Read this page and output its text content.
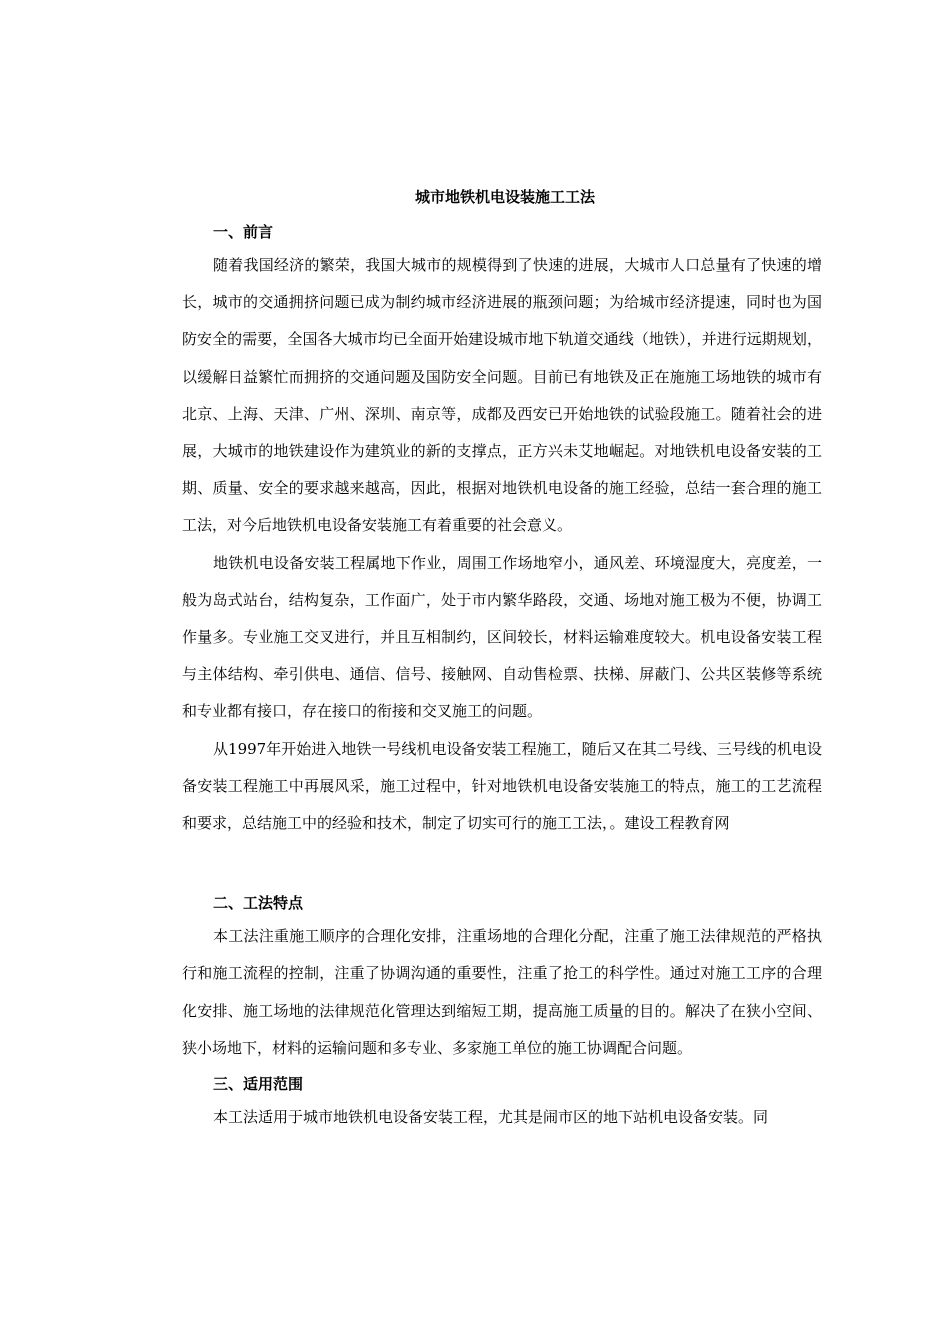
城市地铁机电设装施工工法
一、前言

随着我国经济的繁荣，我国大城市的规模得到了快速的进展，大城市人口总量有了快速的增长，城市的交通拥挤问题已成为制约城市经济进展的瓶颈问题；为给城市经济提速，同时也为国防安全的需要，全国各大城市均已全面开始建设城市地下轨道交通线（地铁），并进行远期规划，以缓解日益繁忙而拥挤的交通问题及国防安全问题。目前已有地铁及正在施施工场地铁的城市有北京、上海、天津、广州、深圳、南京等，成都及西安已开始地铁的试验段施工。随着社会的进展，大城市的地铁建设作为建筑业的新的支撑点，正方兴未艾地崛起。对地铁机电设备安装的工期、质量、安全的要求越来越高，因此，根据对地铁机电设备的施工经验，总结一套合理的施工工法，对今后地铁机电设备安装施工有着重要的社会意义。

地铁机电设备安装工程属地下作业，周围工作场地窄小，通风差、环境湿度大，亮度差，一般为岛式站台，结构复杂，工作面广，处于市内繁华路段，交通、场地对施工极为不便，协调工作量多。专业施工交叉进行，并且互相制约，区间较长，材料运输难度较大。机电设备安装工程与主体结构、牵引供电、通信、信号、接触网、自动售检票、扶梯、屏蔽门、公共区装修等系统和专业都有接口，存在接口的衔接和交叉施工的问题。

从1997年开始进入地铁一号线机电设备安装工程施工，随后又在其二号线、三号线的机电设备安装工程施工中再展风采，施工过程中，针对地铁机电设备安装施工的特点，施工的工艺流程和要求，总结施工中的经验和技术，制定了切实可行的施工工法，。建设工程教育网

二、工法特点

本工法注重施工顺序的合理化安排，注重场地的合理化分配，注重了施工法律规范的严格执行和施工流程的控制，注重了协调沟通的重要性，注重了抢工的科学性。通过对施工工序的合理化安排、施工场地的法律规范化管理达到缩短工期，提高施工质量的目的。解决了在狭小空间、狭小场地下，材料的运输问题和多专业、多家施工单位的施工协调配合问题。

三、适用范围

本工法适用于城市地铁机电设备安装工程，尤其是闹市区的地下站机电设备安装。同
